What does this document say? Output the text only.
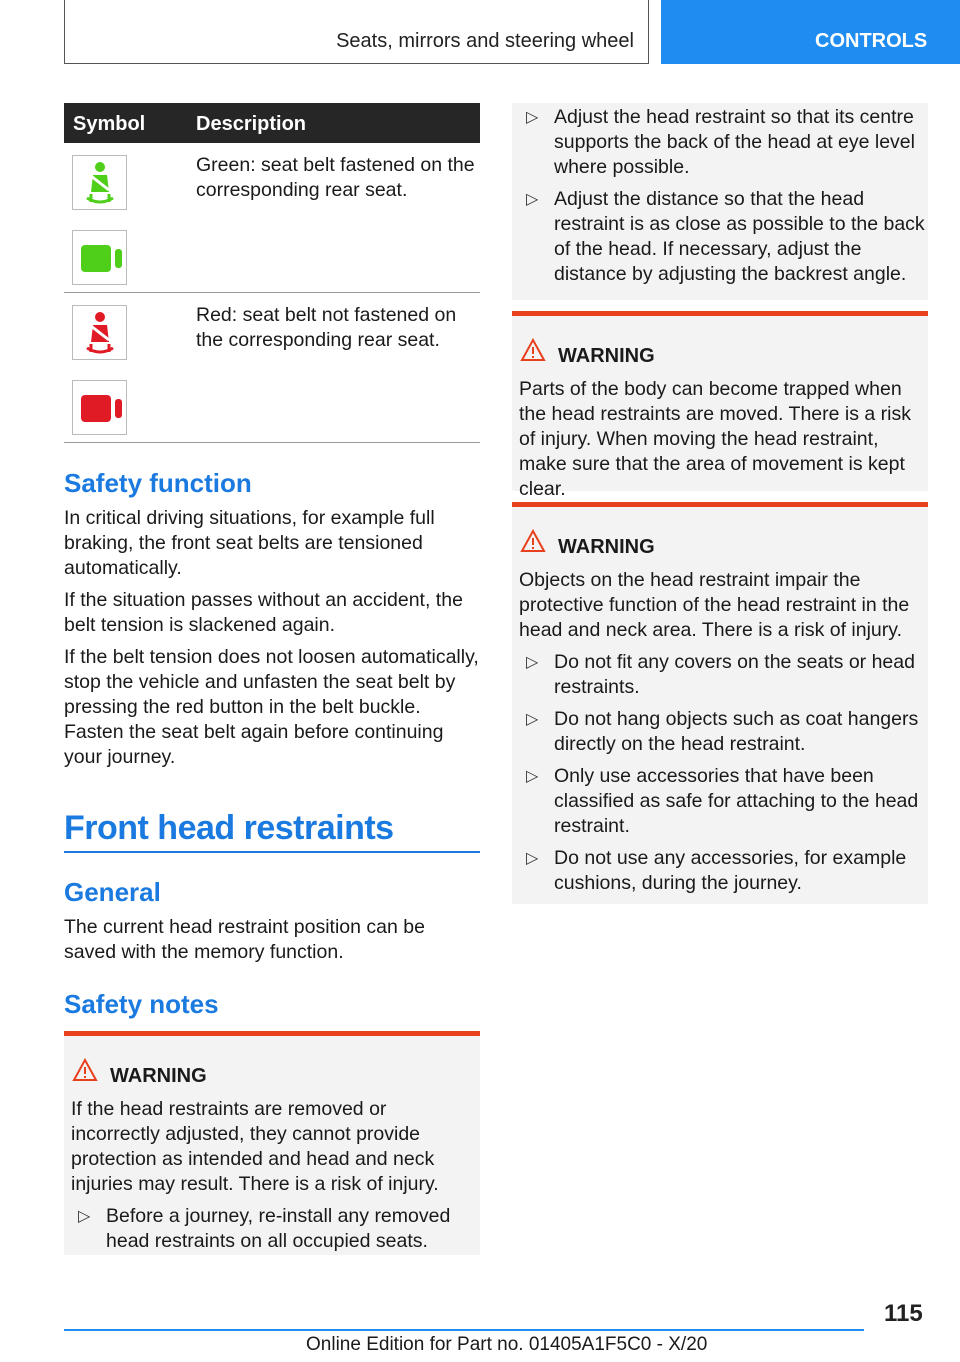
Seats, mirrors and steering wheel	CONTROLS
Symbol	Description
Green: seat belt fastened on the corresponding rear seat.
Red: seat belt not fastened on the corresponding rear seat.
Safety function
In critical driving situations, for example full braking, the front seat belts are tensioned automatically.
If the situation passes without an accident, the belt tension is slackened again.
If the belt tension does not loosen automatically, stop the vehicle and unfasten the seat belt by pressing the red button in the belt buckle. Fasten the seat belt again before continuing your journey.
Front head restraints
General
The current head restraint position can be saved with the memory function.
Safety notes
WARNING
If the head restraints are removed or incorrectly adjusted, they cannot provide protection as intended and head and neck injuries may result. There is a risk of injury.
▷ Before a journey, re-install any removed head restraints on all occupied seats.
▷ Adjust the head restraint so that its centre supports the back of the head at eye level where possible.
▷ Adjust the distance so that the head restraint is as close as possible to the back of the head. If necessary, adjust the distance by adjusting the backrest angle.
WARNING
Parts of the body can become trapped when the head restraints are moved. There is a risk of injury. When moving the head restraint, make sure that the area of movement is kept clear.
WARNING
Objects on the head restraint impair the protective function of the head restraint in the head and neck area. There is a risk of injury.
▷ Do not fit any covers on the seats or head restraints.
▷ Do not hang objects such as coat hangers directly on the head restraint.
▷ Only use accessories that have been classified as safe for attaching to the head restraint.
▷ Do not use any accessories, for example cushions, during the journey.
115
Online Edition for Part no. 01405A1F5C0 - X/20
